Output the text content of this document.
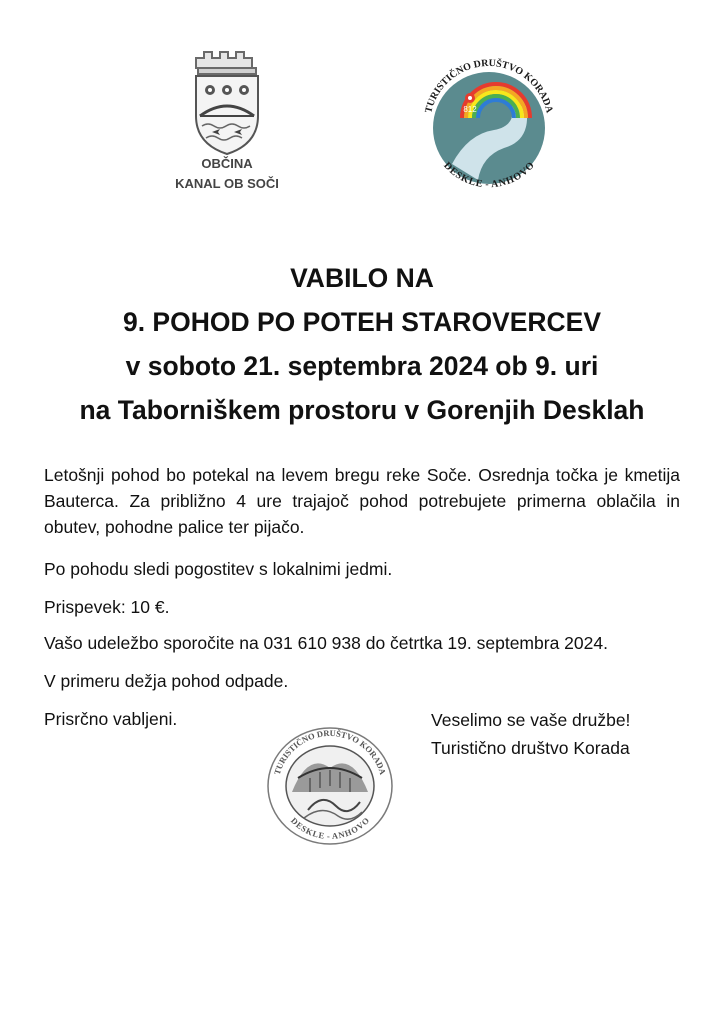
OBČINA
KANAL OB SOČI
812
TURISTIČNO DRUŠTVO KORADA
DESKLE - ANHOVO
VABILO NA
9. POHOD PO POTEH STAROVERCEV
v soboto 21. septembra 2024 ob 9. uri
na Taborniškem prostoru v Gorenjih Desklah
Letošnji pohod bo potekal na levem bregu reke Soče. Osrednja točka je kmetija Bauterca. Za približno 4 ure trajajoč pohod potrebujete primerna oblačila in obutev, pohodne palice ter pijačo.
Po pohodu sledi pogostitev s lokalnimi jedmi.
Prispevek: 10 €.
Vašo udeležbo sporočite na 031 610 938 do četrtka 19. septembra 2024.
V primeru dežja pohod odpade.
Prisrčno vabljeni.	Veselimo se vaše družbe!
Turistično društvo Korada
TURISTIČNO DRUŠTVO KORADA
DESKLE - ANHOVO
